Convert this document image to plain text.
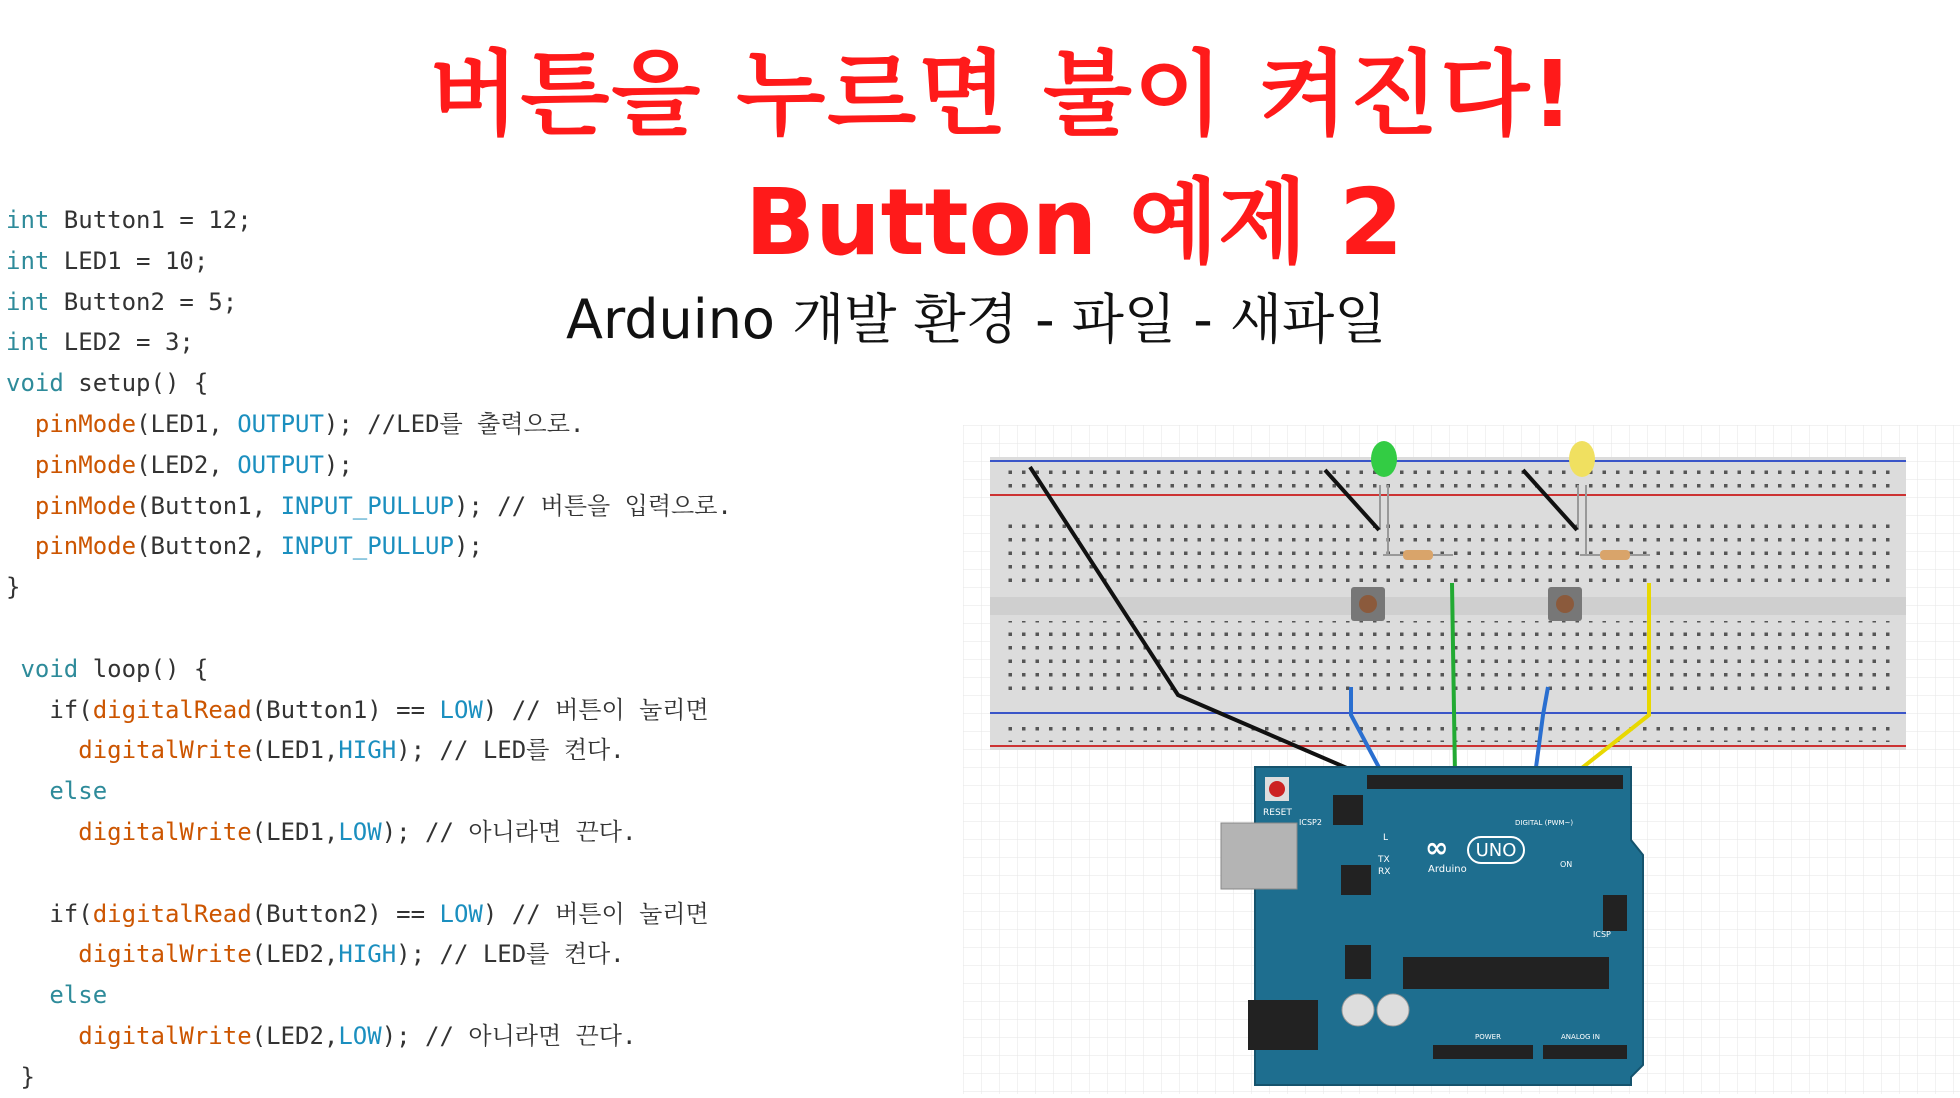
버튼을 누르면 불이 켜진다!
Button 예제 2
Arduino 개발 환경 - 파일 - 새파일
int Button1 = 12;
int LED1 = 10;
int Button2 = 5;
int LED2 = 3;
void setup() {
pinMode(LED1, OUTPUT); //LED를 출력으로.
pinMode(LED2, OUTPUT);
pinMode(Button1, INPUT_PULLUP); // 버튼을 입력으로.
pinMode(Button2, INPUT_PULLUP);
}
void loop() {
if(digitalRead(Button1) == LOW) // 버튼이 눌리면
digitalWrite(LED1,HIGH); // LED를 켠다.
else
digitalWrite(LED1,LOW); // 아니라면 끈다.
if(digitalRead(Button2) == LOW) // 버튼이 눌리면
digitalWrite(LED2,HIGH); // LED를 켠다.
else
digitalWrite(LED2,LOW); // 아니라면 끈다.
}
RESET
ICSP2
L
TX
RX
DIGITAL (PWM~)
∞ UNO
Arduino	ON
ICSP
POWER	ANALOG IN
